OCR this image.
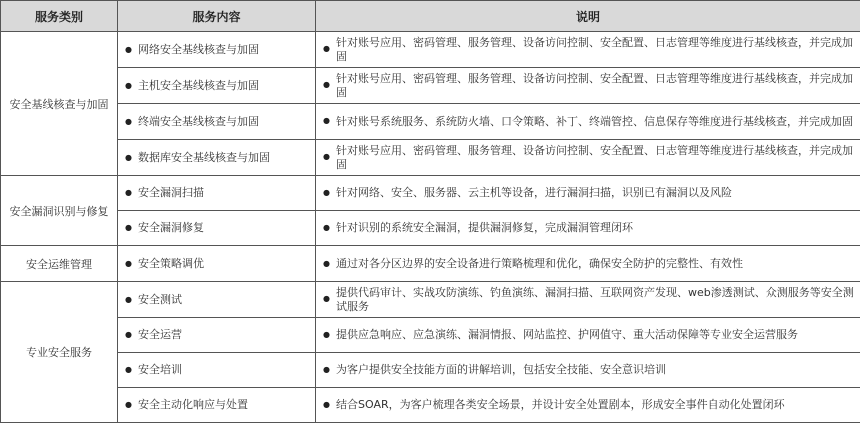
服务类别	服务内容	说明
安全基线核查与加固	● 网络安全基线核查与加固	● 针对账号应用、密码管理、服务管理、设备访问控制、安全配置、日志管理等维度进行基线核查，并完成加固
	● 主机安全基线核查与加固	● 针对账号应用、密码管理、服务管理、设备访问控制、安全配置、日志管理等维度进行基线核查，并完成加固
	● 终端安全基线核查与加固	● 针对账号系统服务、系统防火墙、口令策略、补丁、终端管控、信息保存等维度进行基线核查，并完成加固
	● 数据库安全基线核查与加固	● 针对账号应用、密码管理、服务管理、设备访问控制、安全配置、日志管理等维度进行基线核查，并完成加固
安全漏洞识别与修复	● 安全漏洞扫描	● 针对网络、安全、服务器、云主机等设备，进行漏洞扫描，识别已有漏洞以及风险
	● 安全漏洞修复	● 针对识别的系统安全漏洞，提供漏洞修复，完成漏洞管理闭环
安全运维管理	● 安全策略调优	● 通过对各分区边界的安全设备进行策略梳理和优化，确保安全防护的完整性、有效性
专业安全服务	● 安全测试	● 提供代码审计、实战攻防演练、钓鱼演练、漏洞扫描、互联网资产发现、web渗透测试、众测服务等安全测试服务
	● 安全运营	● 提供应急响应、应急演练、漏洞情报、网站监控、护网值守、重大活动保障等专业安全运营服务
	● 安全培训	● 为客户提供安全技能方面的讲解培训，包括安全技能、安全意识培训
	● 安全主动化响应与处置	● 结合SOAR，为客户梳理各类安全场景，并设计安全处置剧本，形成安全事件自动化处置闭环
